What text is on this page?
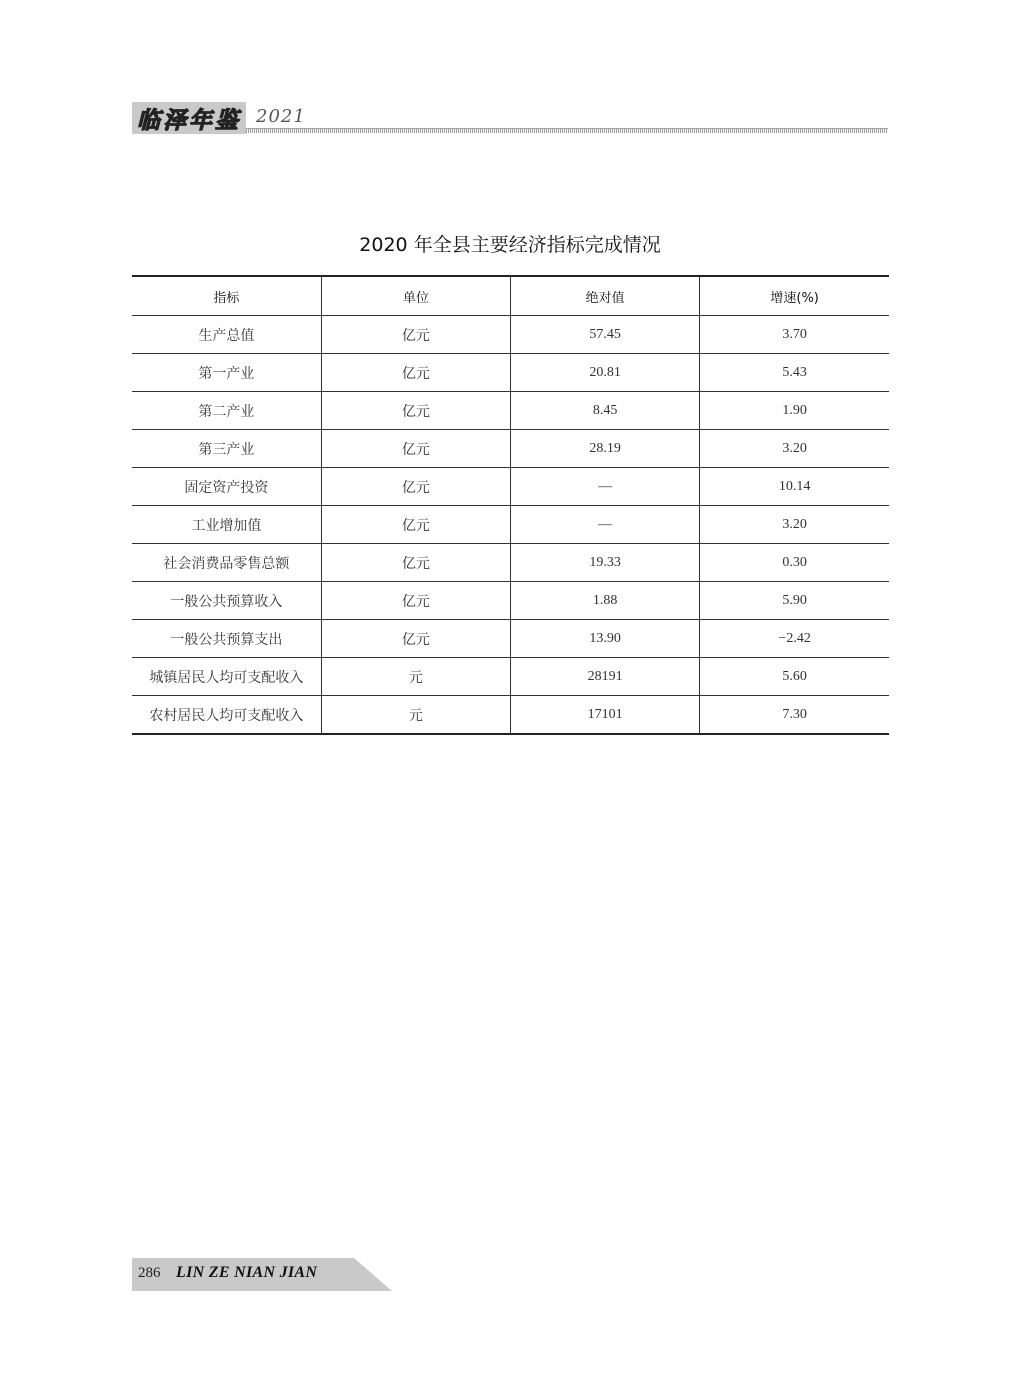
临泽年鉴 2021
2020 年全县主要经济指标完成情况
指标	单位	绝对值	增速(%)
生产总值	亿元	57.45	3.70
第一产业	亿元	20.81	5.43
第二产业	亿元	8.45	1.90
第三产业	亿元	28.19	3.20
固定资产投资	亿元	—	10.14
工业增加值	亿元	—	3.20
社会消费品零售总额	亿元	19.33	0.30
一般公共预算收入	亿元	1.88	5.90
一般公共预算支出	亿元	13.90	−2.42
城镇居民人均可支配收入	元	28191	5.60
农村居民人均可支配收入	元	17101	7.30
286 LIN ZE NIAN JIAN
